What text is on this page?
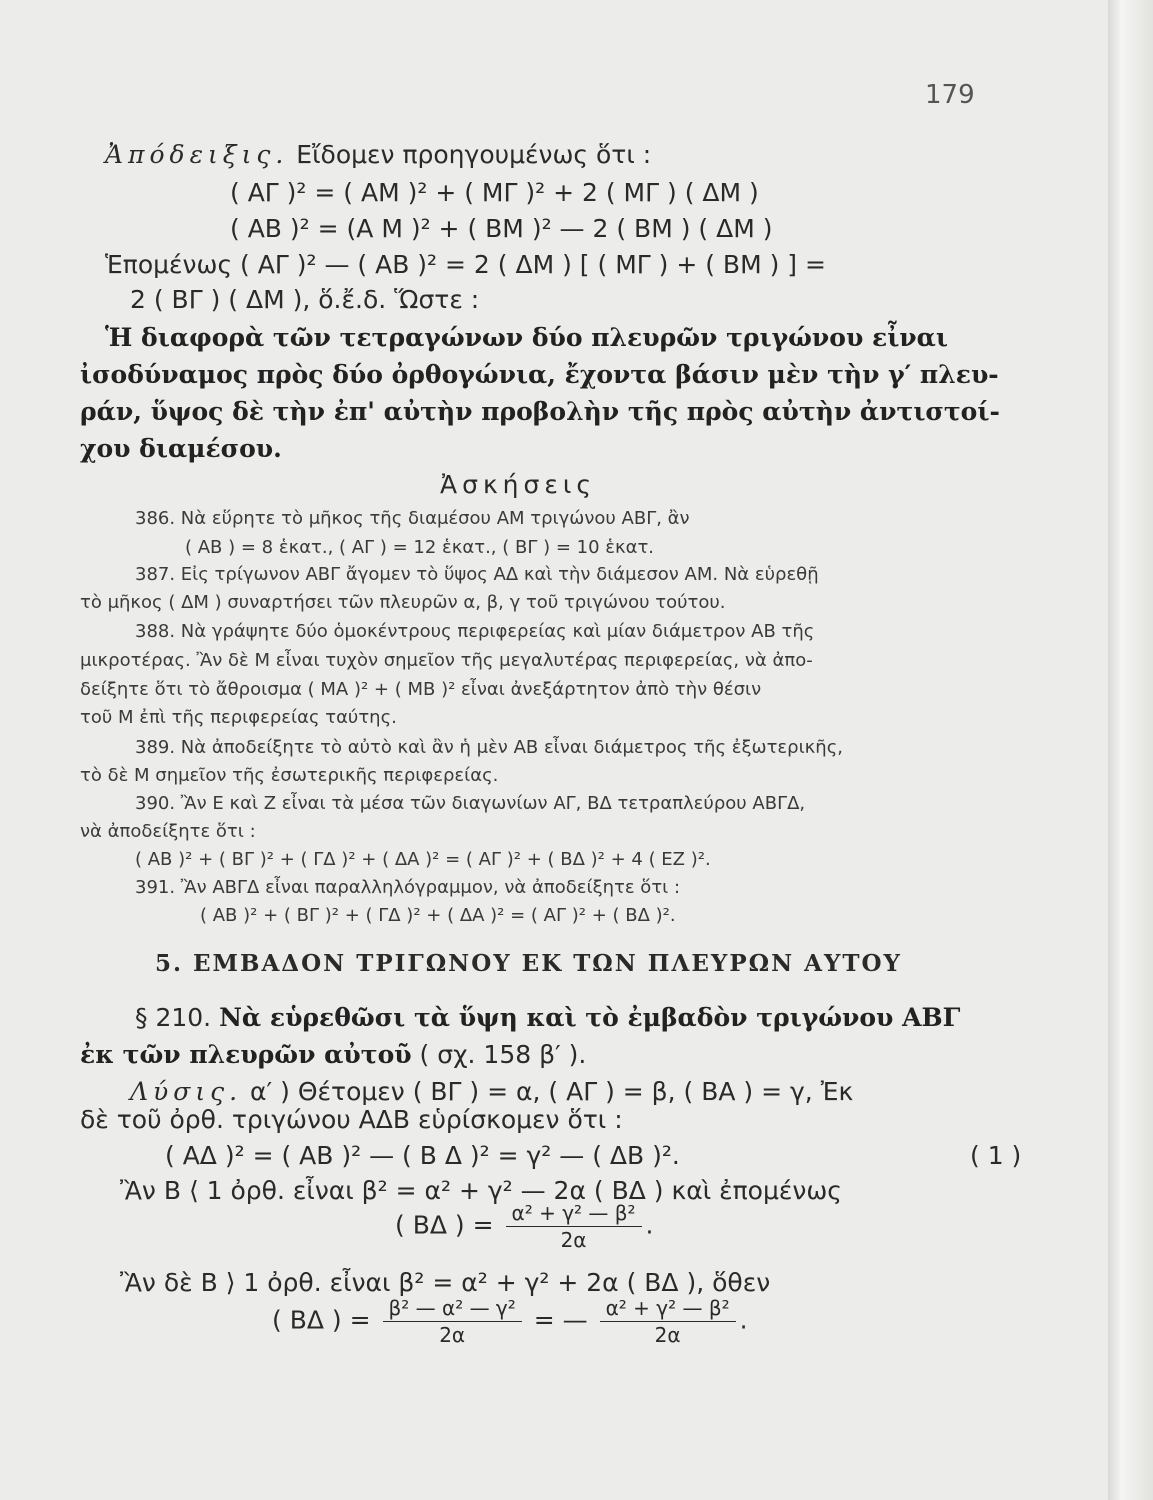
179
Ἀπόδειξις. Εἴδομεν προηγουμένως ὅτι :
( ΑΓ )² = ( ΑΜ )² + ( ΜΓ )² + 2 ( ΜΓ ) ( ΔΜ )
( ΑΒ )² = (Α Μ )² + ( ΒΜ )² — 2 ( ΒΜ ) ( ΔΜ )
Ἑπομένως ( ΑΓ )² — ( ΑΒ )² = 2 ( ΔΜ ) [ ( ΜΓ ) + ( ΒΜ ) ] =
2 ( ΒΓ ) ( ΔΜ ), ὅ.ἔ.δ. Ὥστε :
Ἡ διαφορὰ τῶν τετραγώνων δύο πλευρῶν τριγώνου εἶναι
ἰσοδύναμος πρὸς δύο ὀρθογώνια, ἔχοντα βάσιν μὲν τὴν γ′ πλευ-
ράν, ὕψος δὲ τὴν ἐπ' αὐτὴν προβολὴν τῆς πρὸς αὐτὴν ἀντιστοί-
χου διαμέσου.
Ἀσκήσεις
386. Νὰ εὕρητε τὸ μῆκος τῆς διαμέσου ΑΜ τριγώνου ΑΒΓ, ἂν
( ΑΒ ) = 8 ἑκατ., ( ΑΓ ) = 12 ἑκατ., ( ΒΓ ) = 10 ἑκατ.
387. Εἰς τρίγωνον ΑΒΓ ἄγομεν τὸ ὕψος ΑΔ καὶ τὴν διάμεσον ΑΜ. Νὰ εὑρεθῇ
τὸ μῆκος ( ΔΜ ) συναρτήσει τῶν πλευρῶν α, β, γ τοῦ τριγώνου τούτου.
388. Νὰ γράψητε δύο ὁμοκέντρους περιφερείας καὶ μίαν διάμετρον ΑΒ τῆς
μικροτέρας. Ἂν δὲ Μ εἶναι τυχὸν σημεῖον τῆς μεγαλυτέρας περιφερείας, νὰ ἀπο-
δείξητε ὅτι τὸ ἄθροισμα ( ΜΑ )² + ( ΜΒ )² εἶναι ἀνεξάρτητον ἀπὸ τὴν θέσιν
τοῦ Μ ἐπὶ τῆς περιφερείας ταύτης.
389. Νὰ ἀποδείξητε τὸ αὐτὸ καὶ ἂν ἡ μὲν ΑΒ εἶναι διάμετρος τῆς ἐξωτερικῆς,
τὸ δὲ Μ σημεῖον τῆς ἐσωτερικῆς περιφερείας.
390. Ἂν Ε καὶ Ζ εἶναι τὰ μέσα τῶν διαγωνίων ΑΓ, ΒΔ τετραπλεύρου ΑΒΓΔ,
νὰ ἀποδείξητε ὅτι :
( ΑΒ )² + ( ΒΓ )² + ( ΓΔ )² + ( ΔΑ )² = ( ΑΓ )² + ( ΒΔ )² + 4 ( ΕΖ )².
391. Ἂν ΑΒΓΔ εἶναι παραλληλόγραμμον, νὰ ἀποδείξητε ὅτι :
( ΑΒ )² + ( ΒΓ )² + ( ΓΔ )² + ( ΔΑ )² = ( ΑΓ )² + ( ΒΔ )².
5. ΕΜΒΑΔΟΝ ΤΡΙΓΩΝΟΥ ΕΚ ΤΩΝ ΠΛΕΥΡΩΝ ΑΥΤΟΥ
§ 210. Νὰ εὑρεθῶσι τὰ ὕψη καὶ τὸ ἐμβαδὸν τριγώνου ΑΒΓ
ἐκ τῶν πλευρῶν αὐτοῦ ( σχ. 158 β′ ).
Λύσις. α′ ) Θέτομεν ( ΒΓ ) = α, ( ΑΓ ) = β, ( ΒΑ ) = γ, Ἐκ
δὲ τοῦ ὀρθ. τριγώνου ΑΔΒ εὑρίσκομεν ὅτι :
( ΑΔ )² = ( ΑΒ )² — ( Β Δ )² = γ² — ( ΔΒ )².	( 1 )
Ἂν Β ⟨ 1 ὀρθ. εἶναι β² = α² + γ² — 2α ( ΒΔ ) καὶ ἐπομένως
( ΒΔ ) = $\frac{\text{α² + γ² — β²}}{2\alpha}$ .
Ἂν δὲ Β ⟩ 1 ὀρθ. εἶναι β² = α² + γ² + 2α ( ΒΔ ), ὅθεν
( ΒΔ ) = $\frac{\text{β² — α² — γ²}}{2\alpha}$ = — $\frac{\text{α² + γ² — β²}}{2\alpha}$ .
